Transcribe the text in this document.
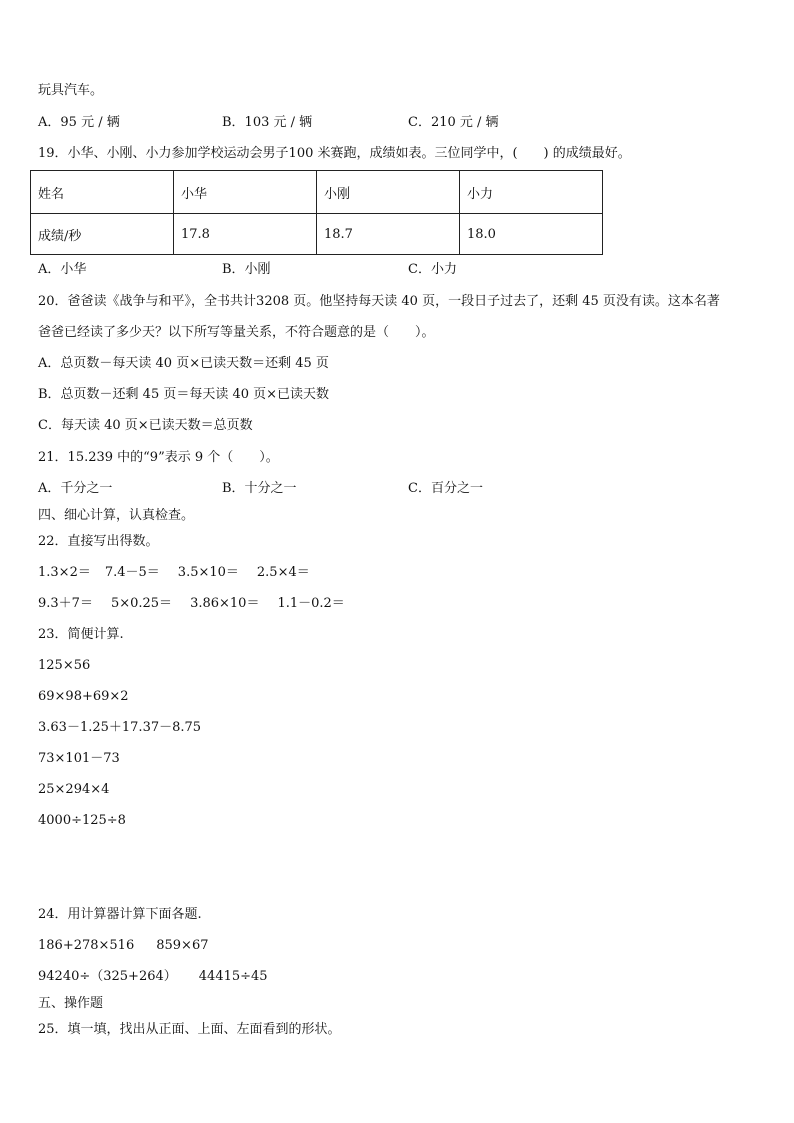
玩具汽车。
A．95 元 / 辆	B．103 元 / 辆	C．210 元 / 辆
19．小华、小刚、小力参加学校运动会男子100 米赛跑，成绩如表。三位同学中，(　　) 的成绩最好。
姓名	小华	小刚	小力
成绩/秒	17.8	18.7	18.0
A．小华	B．小刚	C．小力
20．爸爸读《战争与和平》，全书共计3208 页。他坚持每天读 40 页，一段日子过去了，还剩 45 页没有读。这本名著
爸爸已经读了多少天？以下所写等量关系，不符合题意的是（　　）。
A．总页数－每天读 40 页×已读天数＝还剩 45 页
B．总页数－还剩 45 页＝每天读 40 页×已读天数
C．每天读 40 页×已读天数＝总页数
21．15.239 中的“9”表示 9 个（　　）。
A．千分之一	B．十分之一	C．百分之一
四、细心计算，认真检查。
22．直接写出得数。
1.3×2＝ 7.4－5＝ 3.5×10＝ 2.5×4＝
9.3＋7＝ 5×0.25＝ 3.86×10＝ 1.1－0.2＝
23．简便计算.
125×56
69×98+69×2
3.63－1.25＋17.37－8.75
73×101－73
25×294×4
4000÷125÷8
24．用计算器计算下面各题.
186+278×516 859×67
94240÷（325+264） 44415÷45
五、操作题
25．填一填，找出从正面、上面、左面看到的形状。
